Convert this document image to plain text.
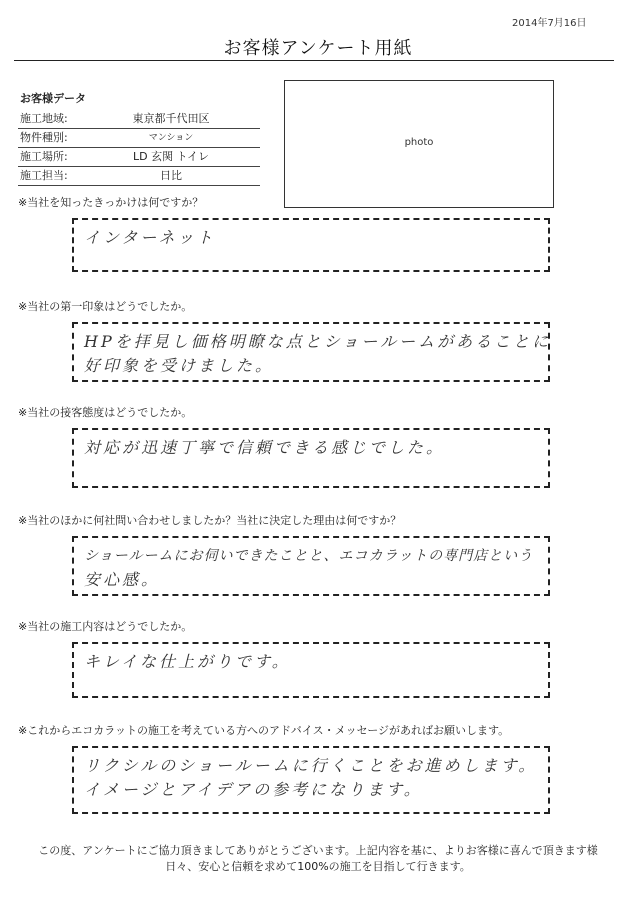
2014年7月16日
お客様アンケート用紙
お客様データ
施工地域:	東京都千代田区
物件種別:	マンション
施工場所:	LD 玄関 トイレ
施工担当:	日比
photo
※当社を知ったきっかけは何ですか？
インターネット
※当社の第一印象はどうでしたか。
HPを拝見し価格明瞭な点とショールームがあることに
好印象を受けました。
※当社の接客態度はどうでしたか。
対応が迅速丁寧で信頼できる感じでした。
※当社のほかに何社問い合わせしましたか？当社に決定した理由は何ですか？
ショールームにお伺いできたことと、エコカラットの専門店という
安心感。
※当社の施工内容はどうでしたか。
キレイな仕上がりです。
※これからエコカラットの施工を考えている方へのアドバイス・メッセージがあればお願いします。
リクシルのショールームに行くことをお進めします。
イメージとアイデアの参考になります。
この度、アンケートにご協力頂きましてありがとうございます。上記内容を基に、よりお客様に喜んで頂きます様
日々、安心と信頼を求めて100%の施工を目指して行きます。
